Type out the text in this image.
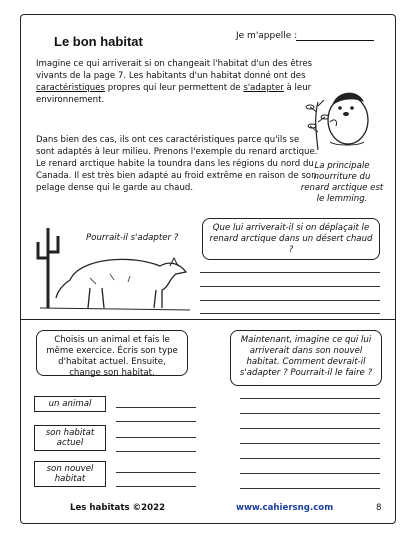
Le bon habitat	Je m'appelle :
Imagine ce qui arriverait si on changeait l'habitat d'un des êtres vivants de la page 7. Les habitants d'un habitat donné ont des caractéristiques propres qui leur permettent de s'adapter à leur environnement.
Dans bien des cas, ils ont ces caractéristiques parce qu'ils se sont adaptés à leur milieu. Prenons l'exemple du renard arctique. Le renard arctique habite la toundra dans les régions du nord du Canada. Il est très bien adapté au froid extrême en raison de son pelage dense qui le garde au chaud.
La principale nourriture du renard arctique est le lemming.
Pourrait-il s'adapter ?
Que lui arriverait-il si on déplaçait le renard arctique dans un désert chaud ?
Choisis un animal et fais le même exercice. Écris son type d'habitat actuel. Ensuite, change son habitat.
Maintenant, imagine ce qui lui arriverait dans son nouvel habitat. Comment devrait-il s'adapter ? Pourrait-il le faire ?
un animal
son habitat actuel
son nouvel habitat
Les habitats ©2022	www.cahiersng.com	8
